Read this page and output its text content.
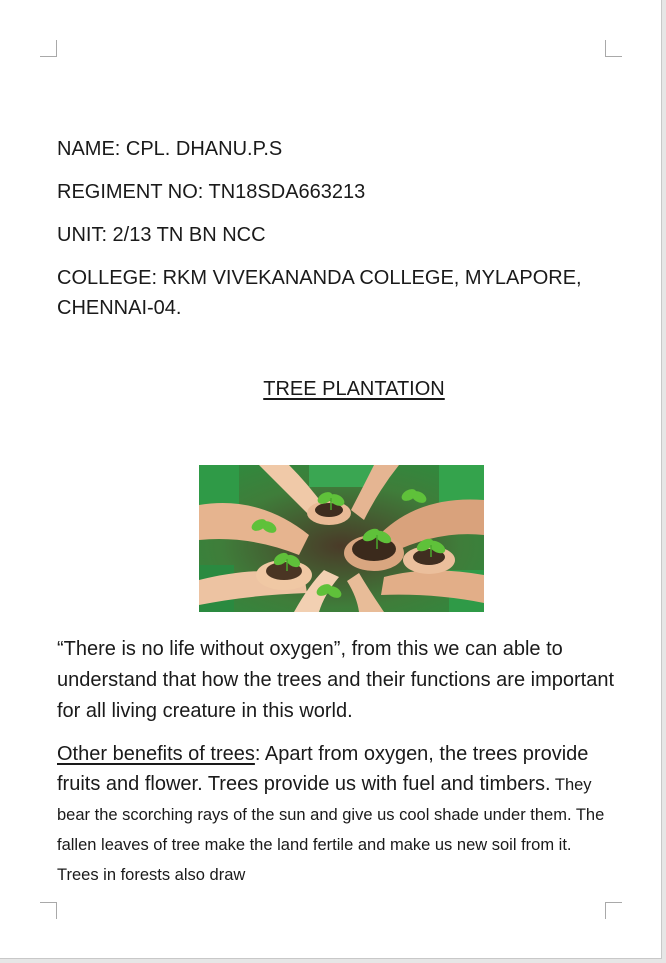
NAME: CPL. DHANU.P.S

REGIMENT NO: TN18SDA663213

UNIT: 2/13 TN BN NCC

COLLEGE: RKM VIVEKANANDA COLLEGE, MYLAPORE, CHENNAI-04.

TREE PLANTATION

“There is no life without oxygen”, from this we can able to understand that how the trees and their functions are important for all living creature in this world.

Other benefits of trees: Apart from oxygen, the trees provide fruits and flower. Trees provide us with fuel and timbers. They bear the scorching rays of the sun and give us cool shade under them. The fallen leaves of tree make the land fertile and make us new soil from it. Trees in forests also draw
